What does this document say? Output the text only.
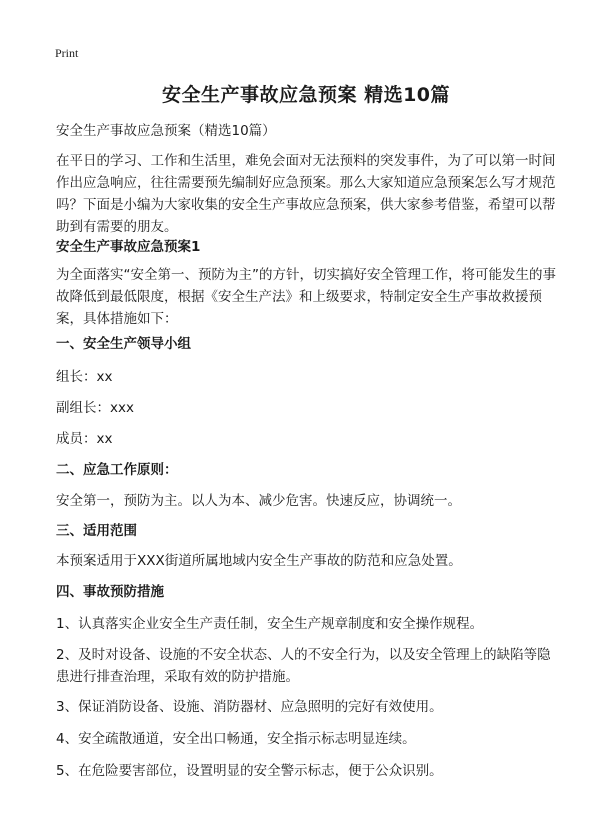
Print
安全生产事故应急预案 精选10篇
安全生产事故应急预案（精选10篇）
在平日的学习、工作和生活里，难免会面对无法预料的突发事件，为了可以第一时间作出应急响应，往往需要预先编制好应急预案。那么大家知道应急预案怎么写才规范吗？下面是小编为大家收集的安全生产事故应急预案，供大家参考借鉴，希望可以帮助到有需要的朋友。
安全生产事故应急预案1
为全面落实“安全第一、预防为主”的方针，切实搞好安全管理工作，将可能发生的事故降低到最低限度，根据《安全生产法》和上级要求，特制定安全生产事故救援预案，具体措施如下：
一、安全生产领导小组
组长：xx
副组长：xxx
成员：xx
二、应急工作原则：
安全第一，预防为主。以人为本、减少危害。快速反应，协调统一。
三、适用范围
本预案适用于XXX街道所属地域内安全生产事故的防范和应急处置。
四、事故预防措施
1、认真落实企业安全生产责任制，安全生产规章制度和安全操作规程。
2、及时对设备、设施的不安全状态、人的不安全行为，以及安全管理上的缺陷等隐患进行排查治理，采取有效的防护措施。
3、保证消防设备、设施、消防器材、应急照明的完好有效使用。
4、安全疏散通道，安全出口畅通，安全指示标志明显连续。
5、在危险要害部位，设置明显的安全警示标志，便于公众识别。
